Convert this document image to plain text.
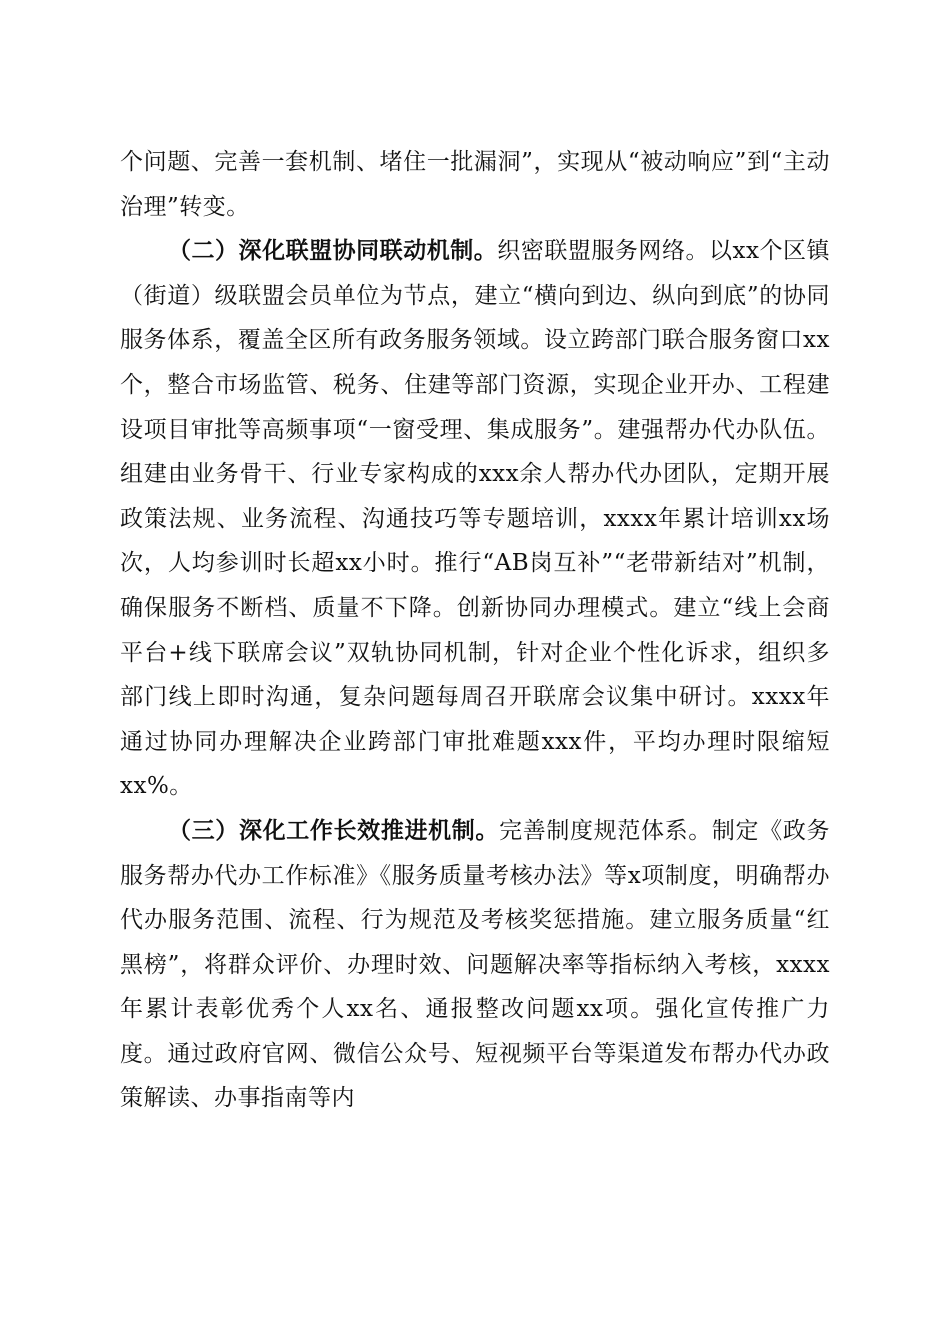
个问题、完善一套机制、堵住一批漏洞”，实现从“被动响应”到“主动治理”转变。

（二）深化联盟协同联动机制。织密联盟服务网络。以xx个区镇（街道）级联盟会员单位为节点，建立“横向到边、纵向到底”的协同服务体系，覆盖全区所有政务服务领域。设立跨部门联合服务窗口xx个，整合市场监管、税务、住建等部门资源，实现企业开办、工程建设项目审批等高频事项“一窗受理、集成服务”。建强帮办代办队伍。组建由业务骨干、行业专家构成的xxx余人帮办代办团队，定期开展政策法规、业务流程、沟通技巧等专题培训，xxxx年累计培训xx场次，人均参训时长超xx小时。推行“AB岗互补”“老带新结对”机制，确保服务不断档、质量不下降。创新协同办理模式。建立“线上会商平台+线下联席会议”双轨协同机制，针对企业个性化诉求，组织多部门线上即时沟通，复杂问题每周召开联席会议集中研讨。xxxx年通过协同办理解决企业跨部门审批难题xxx件，平均办理时限缩短xx%。

（三）深化工作长效推进机制。完善制度规范体系。制定《政务服务帮办代办工作标准》《服务质量考核办法》等x项制度，明确帮办代办服务范围、流程、行为规范及考核奖惩措施。建立服务质量“红黑榜”，将群众评价、办理时效、问题解决率等指标纳入考核，xxxx年累计表彰优秀个人xx名、通报整改问题xx项。强化宣传推广力度。通过政府官网、微信公众号、短视频平台等渠道发布帮办代办政策解读、办事指南等内
